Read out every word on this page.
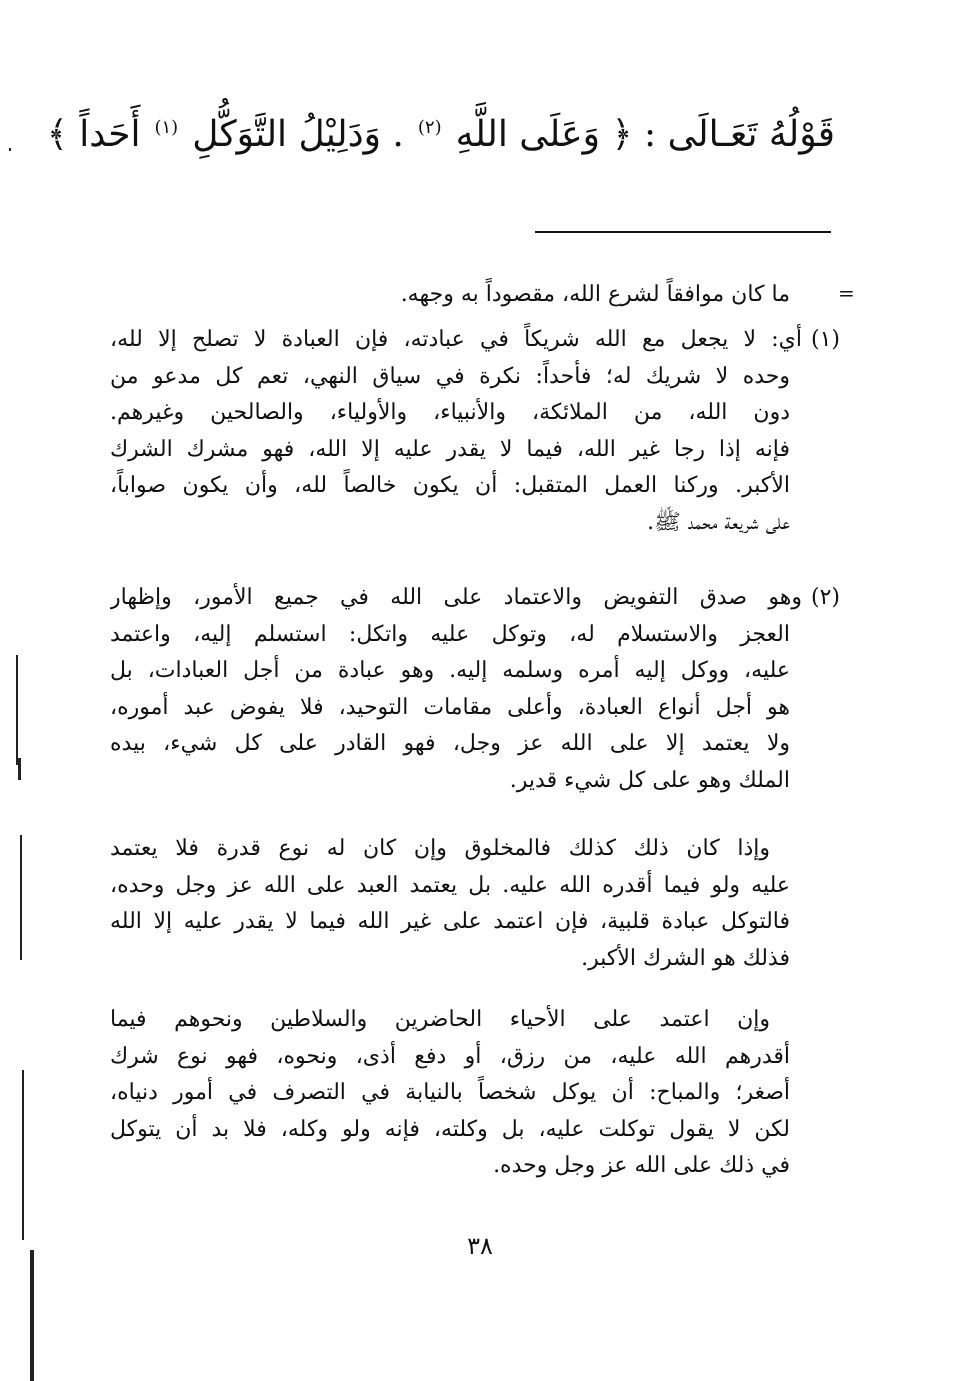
قَوْلُهُ تَعَـالَى : ﴿ وَعَلَى اللَّهِ$^{(٢)}$. وَدَلِيْلُ التَّوَكُّلِ$^{(١)}$أَحَداً ﴾
=
ما كان موافقاً لشرع الله، مقصوداً به وجهه.
(١)أي: لا يجعل مع الله شريكاً في عبادته، فإن العبادة لا تصلح إلا لله،
وحده لا شريك له؛ فأحداً: نكرة في سياق النهي، تعم كل مدعو من
دون الله، من الملائكة، والأنبياء، والأولياء، والصالحين وغيرهم.
فإنه إذا رجا غير الله، فيما لا يقدر عليه إلا الله، فهو مشرك الشرك
الأكبر. وركنا العمل المتقبل: أن يكون خالصاً لله، وأن يكون صواباً،
على شريعة محمد ﷺ.
(٢)وهو صدق التفويض والاعتماد على الله في جميع الأمور، وإظهار
العجز والاستسلام له، وتوكل عليه واتكل: استسلم إليه، واعتمد
عليه، ووكل إليه أمره وسلمه إليه. وهو عبادة من أجل العبادات، بل
هو أجل أنواع العبادة، وأعلى مقامات التوحيد، فلا يفوض عبد أموره،
ولا يعتمد إلا على الله عز وجل، فهو القادر على كل شيء، بيده
الملك وهو على كل شيء قدير.
وإذا كان ذلك كذلك فالمخلوق وإن كان له نوع قدرة فلا يعتمد
عليه ولو فيما أقدره الله عليه. بل يعتمد العبد على الله عز وجل وحده،
فالتوكل عبادة قلبية، فإن اعتمد على غير الله فيما لا يقدر عليه إلا الله
فذلك هو الشرك الأكبر.
وإن اعتمد على الأحياء الحاضرين والسلاطين ونحوهم فيما
أقدرهم الله عليه، من رزق، أو دفع أذى، ونحوه، فهو نوع شرك
أصغر؛ والمباح: أن يوكل شخصاً بالنيابة في التصرف في أمور دنياه،
لكن لا يقول توكلت عليه، بل وكلته، فإنه ولو وكله، فلا بد أن يتوكل
في ذلك على الله عز وجل وحده.
٣٨
